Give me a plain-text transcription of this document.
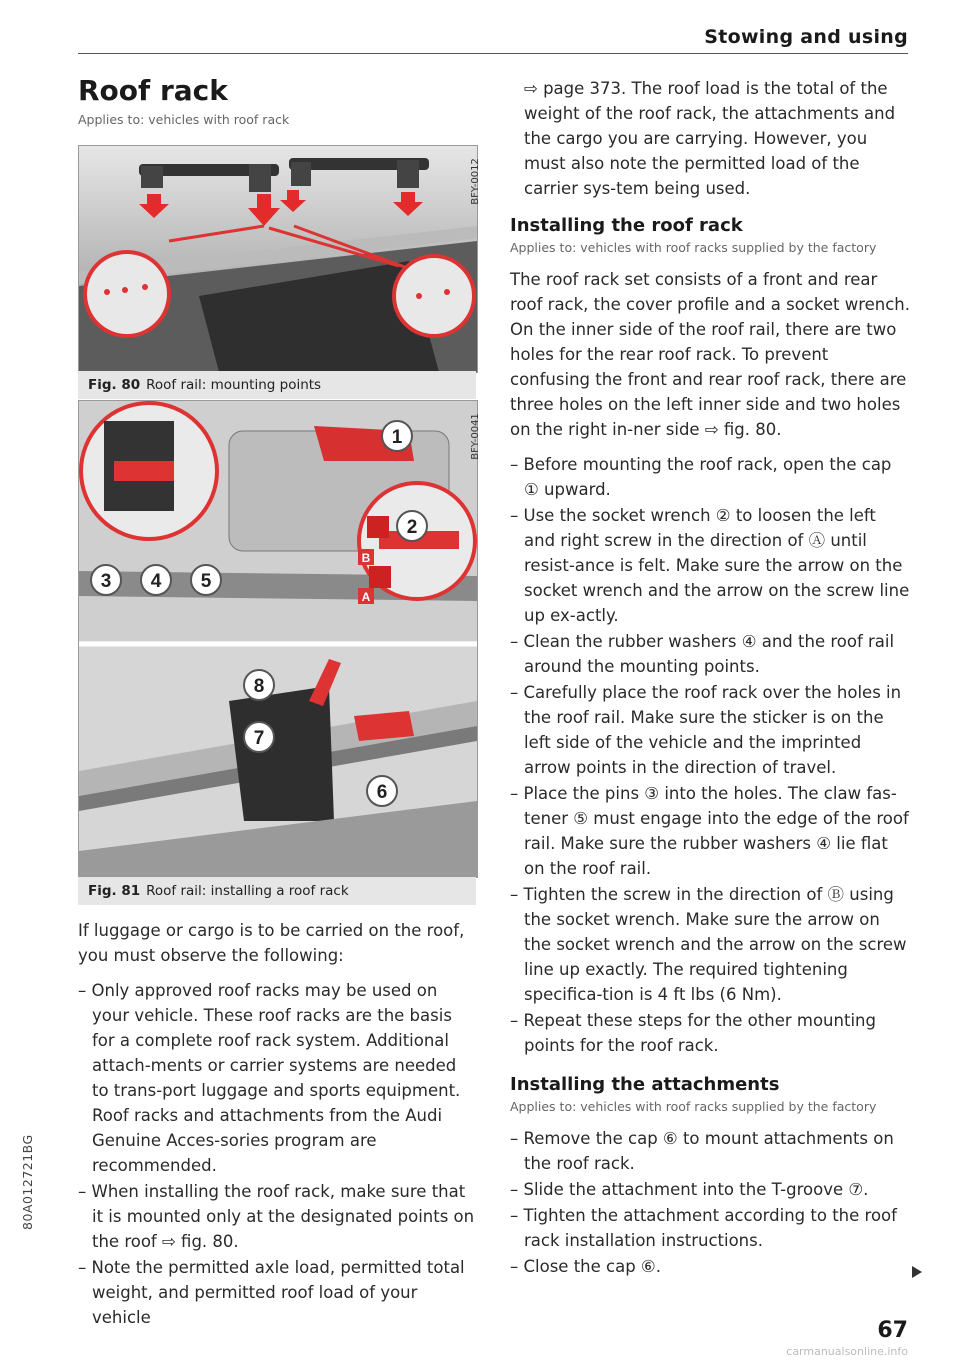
Stowing and using
80A012721BG
Roof rack
Applies to: vehicles with roof rack
BFY-0012
Fig. 80 Roof rail: mounting points
1
2
3 4 5
6
7
8
B
A
BFY-0041
Fig. 81 Roof rail: installing a roof rack

If luggage or cargo is to be carried on the roof, you must observe the following:

– Only approved roof racks may be used on your vehicle. These roof racks are the basis for a complete roof rack system. Additional attach-ments or carrier systems are needed to trans-port luggage and sports equipment. Roof racks and attachments from the Audi Genuine Acces-sories program are recommended.
– When installing the roof rack, make sure that it is mounted only at the designated points on the roof ⇨ fig. 80.
– Note the permitted axle load, permitted total weight, and permitted roof load of your vehicle

⇨ page 373. The roof load is the total of the weight of the roof rack, the attachments and the cargo you are carrying. However, you must also note the permitted load of the carrier sys-tem being used.

Installing the roof rack
Applies to: vehicles with roof racks supplied by the factory

The roof rack set consists of a front and rear roof rack, the cover profile and a socket wrench. On the inner side of the roof rail, there are two holes for the rear roof rack. To prevent confusing the front and rear roof rack, there are three holes on the left inner side and two holes on the right in-ner side ⇨ fig. 80.

– Before mounting the roof rack, open the cap ① upward.
– Use the socket wrench ② to loosen the left and right screw in the direction of Ⓐ until resist-ance is felt. Make sure the arrow on the socket wrench and the arrow on the screw line up ex-actly.
– Clean the rubber washers ④ and the roof rail around the mounting points.
– Carefully place the roof rack over the holes in the roof rail. Make sure the sticker is on the left side of the vehicle and the imprinted arrow points in the direction of travel.
– Place the pins ③ into the holes. The claw fas-tener ⑤ must engage into the edge of the roof rail. Make sure the rubber washers ④ lie flat on the roof rail.
– Tighten the screw in the direction of Ⓑ using the socket wrench. Make sure the arrow on the socket wrench and the arrow on the screw line up exactly. The required tightening specifica-tion is 4 ft lbs (6 Nm).
– Repeat these steps for the other mounting points for the roof rack.
Installing the attachments
Applies to: vehicles with roof racks supplied by the factory
– Remove the cap ⑥ to mount attachments on the roof rack.
– Slide the attachment into the T-groove ⑦.
– Tighten the attachment according to the roof rack installation instructions.
– Close the cap ⑥.
67
carmanualsonline.info
